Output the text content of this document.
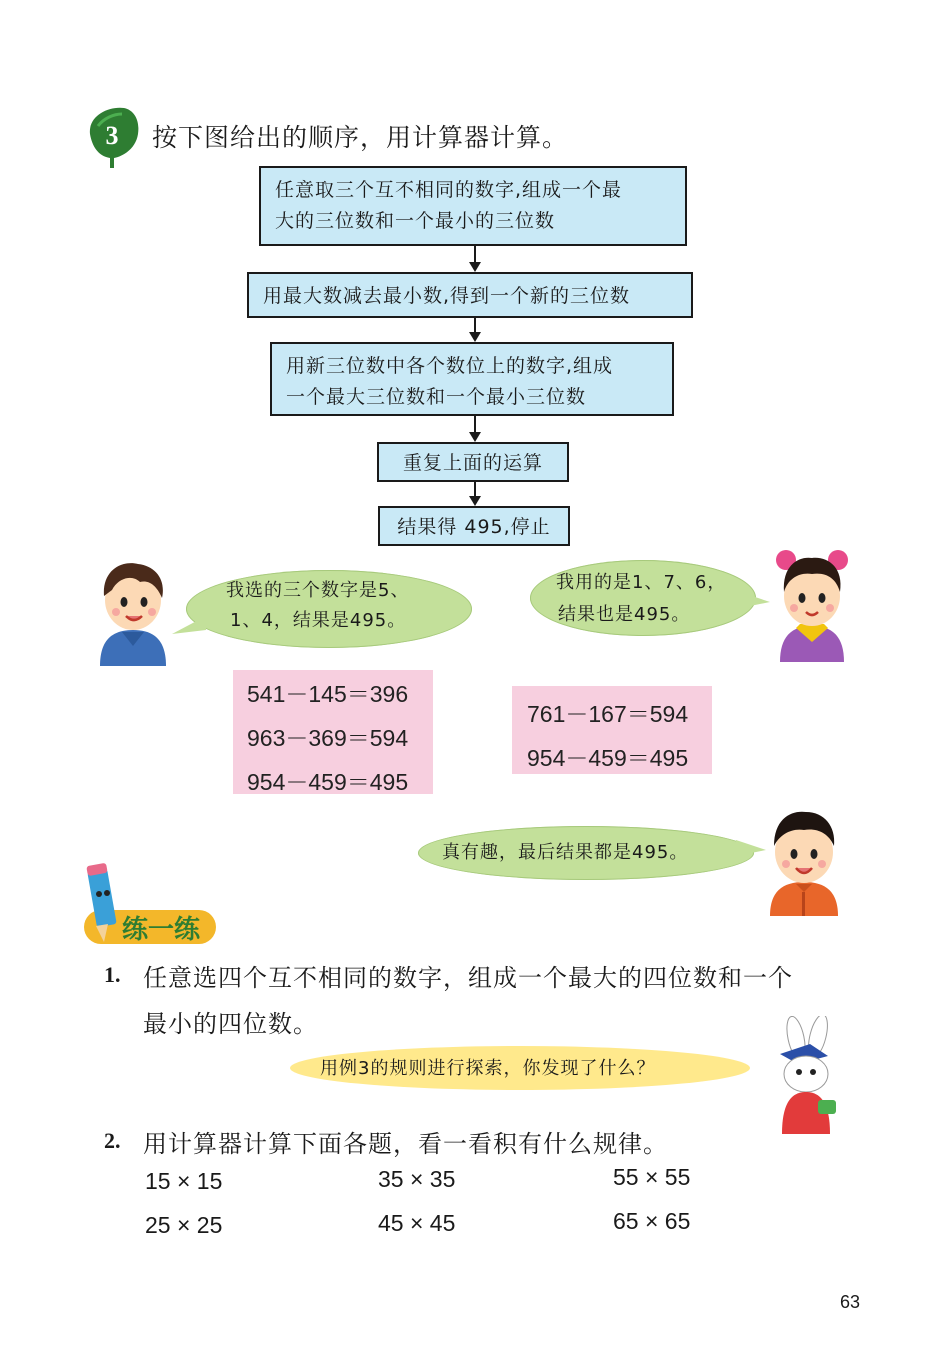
3 按下图给出的顺序，用计算器计算。
任意取三个互不相同的数字,组成一个最
大的三位数和一个最小的三位数
用最大数减去最小数,得到一个新的三位数
用新三位数中各个数位上的数字,组成
一个最大三位数和一个最小三位数
重复上面的运算
结果得 495,停止
我选的三个数字是5、
1、4，结果是495。
我用的是1、7、6，
结果也是495。
541－145＝396
963－369＝594
954－459＝495
761－167＝594
954－459＝495
真有趣，最后结果都是495。
练一练
1. 任意选四个互不相同的数字，组成一个最大的四位数和一个
最小的四位数。
用例3的规则进行探索，你发现了什么？
2. 用计算器计算下面各题，看一看积有什么规律。
15 × 15
25 × 25
35 × 35
45 × 45
55 × 55
65 × 65
63
